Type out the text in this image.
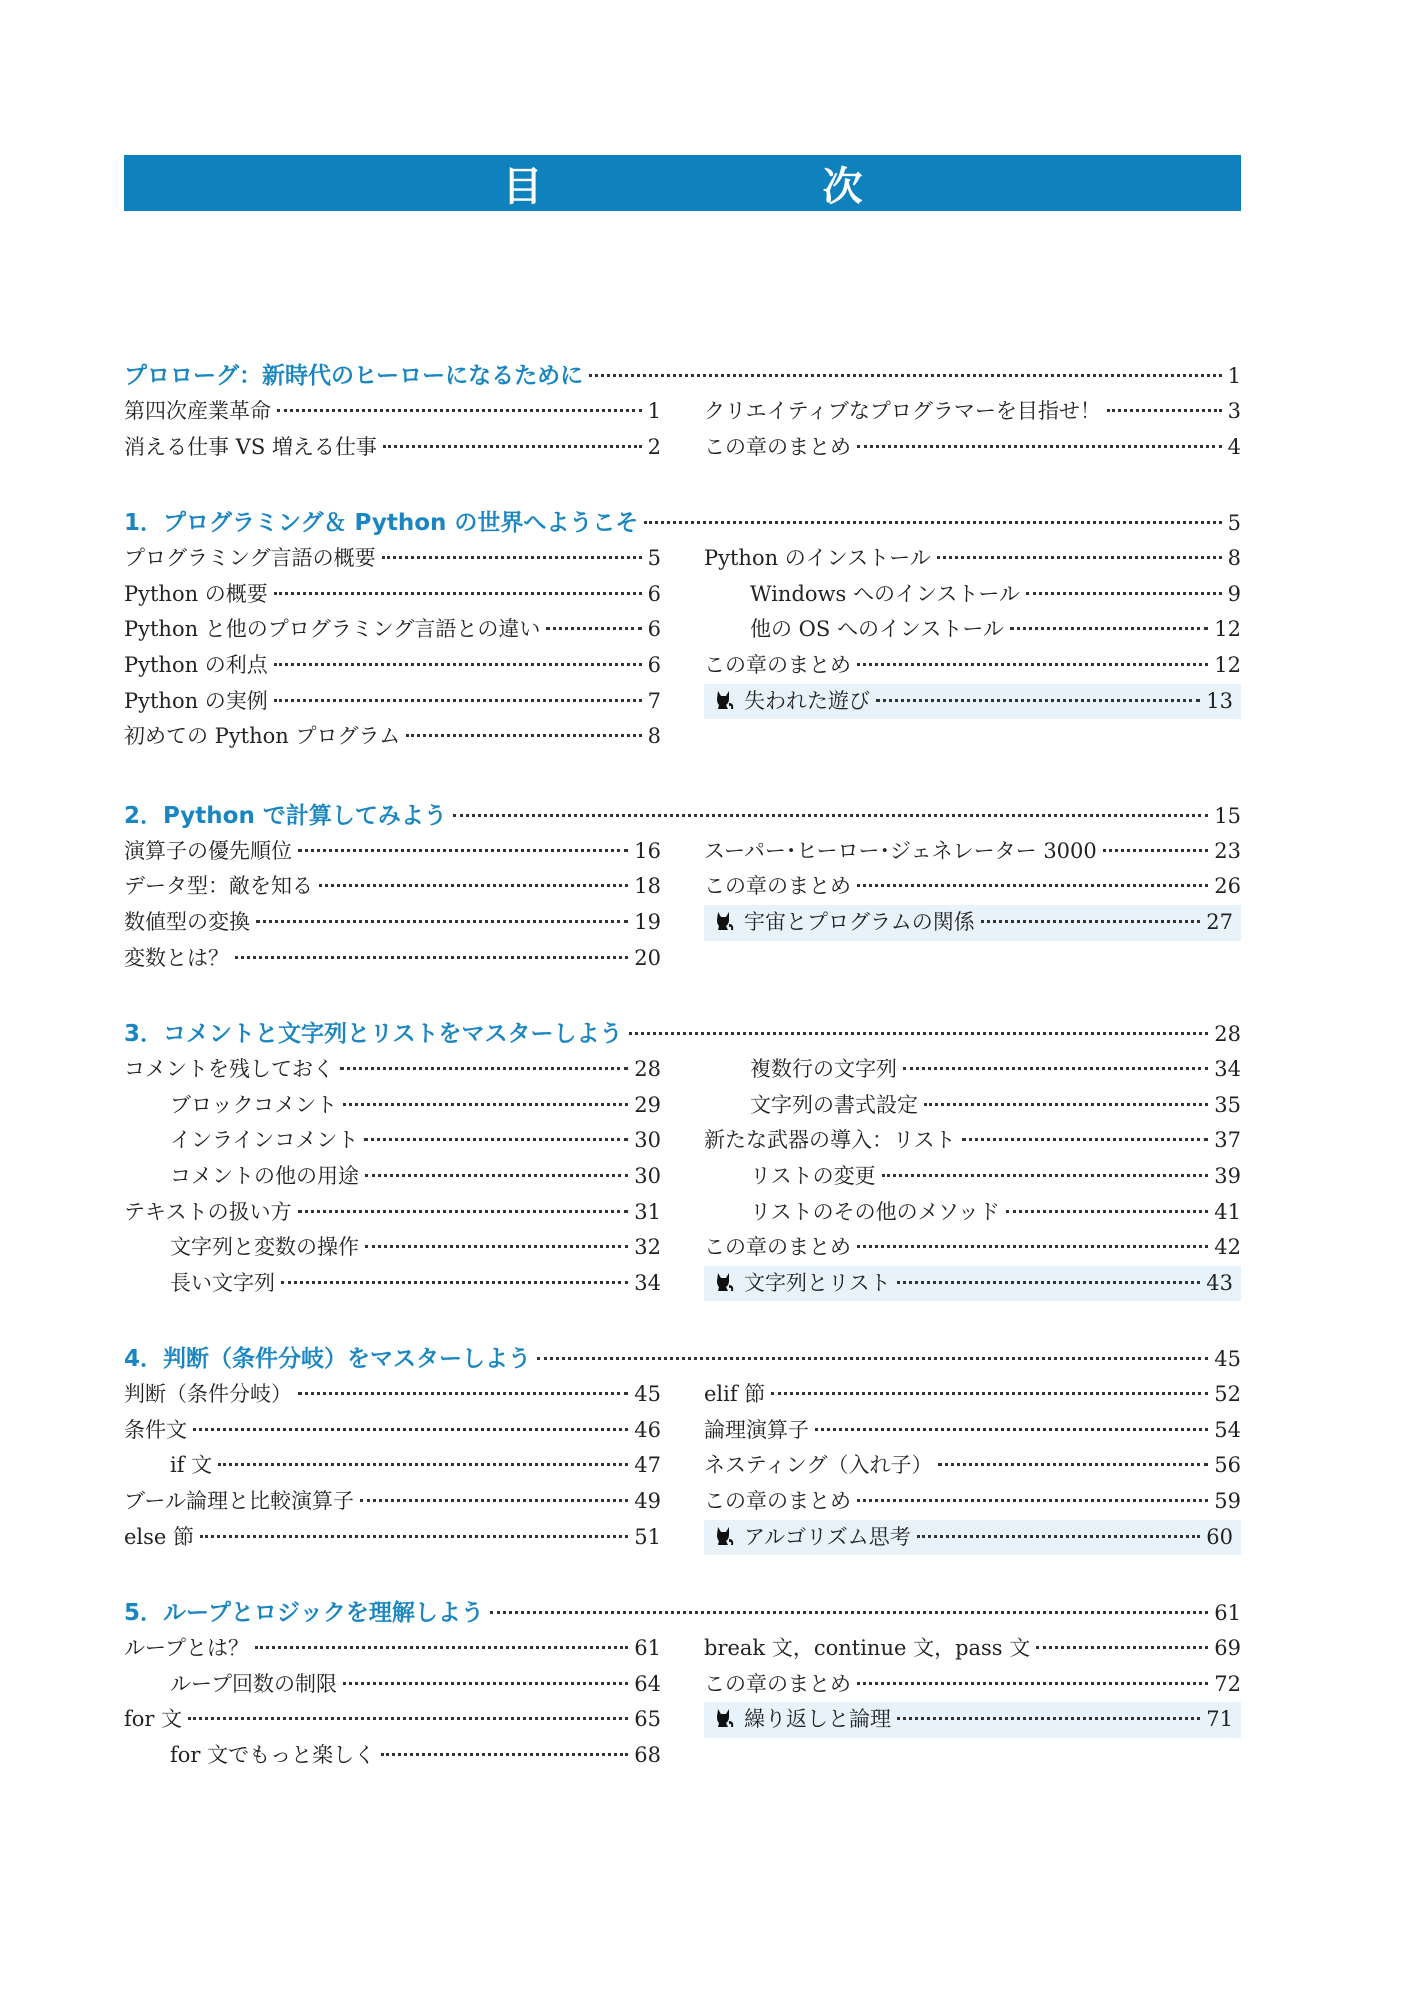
目　次
プロローグ：新時代のヒーローになるために	1
第四次産業革命	1
消える仕事 VS 増える仕事	2
クリエイティブなプログラマーを目指せ！	3
この章のまとめ	4
1．プログラミング＆ Python の世界へようこそ	5
プログラミング言語の概要	5
Python の概要	6
Python と他のプログラミング言語との違い	6
Python の利点	6
Python の実例	7
初めての Python プログラム	8
Python のインストール	8
Windows へのインストール	9
他の OS へのインストール	12
この章のまとめ	12
失われた遊び	13
2．Python で計算してみよう	15
演算子の優先順位	16
データ型：敵を知る	18
数値型の変換	19
変数とは？	20
スーパー･ヒーロー･ジェネレーター 3000	23
この章のまとめ	26
宇宙とプログラムの関係	27
3．コメントと文字列とリストをマスターしよう	28
コメントを残しておく	28
ブロックコメント	29
インラインコメント	30
コメントの他の用途	30
テキストの扱い方	31
文字列と変数の操作	32
長い文字列	34
複数行の文字列	34
文字列の書式設定	35
新たな武器の導入：リスト	37
リストの変更	39
リストのその他のメソッド	41
この章のまとめ	42
文字列とリスト	43
4．判断（条件分岐）をマスターしよう	45
判断（条件分岐）	45
条件文	46
if 文	47
ブール論理と比較演算子	49
else 節	51
elif 節	52
論理演算子	54
ネスティング（入れ子）	56
この章のまとめ	59
アルゴリズム思考	60
5．ループとロジックを理解しよう	61
ループとは？	61
ループ回数の制限	64
for 文	65
for 文でもっと楽しく	68
break 文，continue 文，pass 文	69
この章のまとめ	72
繰り返しと論理	71
